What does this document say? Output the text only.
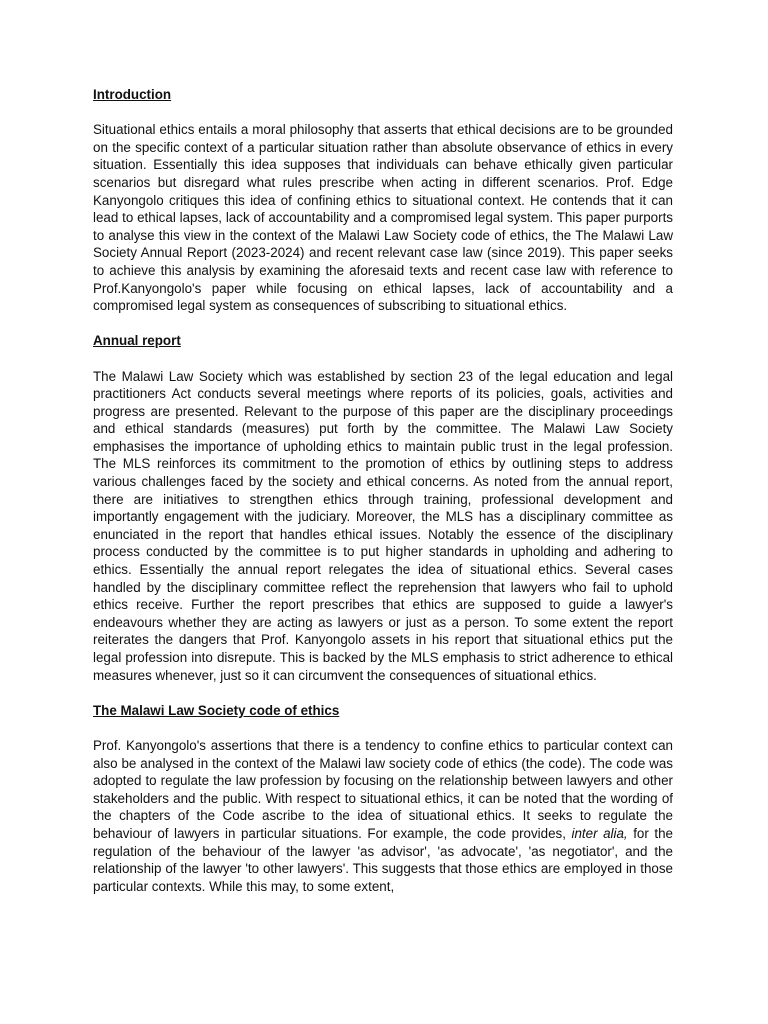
Introduction

Situational ethics entails a moral philosophy that asserts that ethical decisions are to be grounded on the specific context of a particular situation rather than absolute observance of ethics in every situation. Essentially this idea supposes that individuals can behave ethically given particular scenarios but disregard what rules prescribe when acting in different scenarios. Prof. Edge Kanyongolo critiques this idea of confining ethics to situational context. He contends that it can lead to ethical lapses, lack of accountability and a compromised legal system. This paper purports to analyse this view in the context of the Malawi Law Society code of ethics, the The Malawi Law Society Annual Report (2023-2024) and recent relevant case law (since 2019). This paper seeks to achieve this analysis by examining the aforesaid texts and recent case law with reference to Prof.Kanyongolo's paper while focusing on ethical lapses, lack of accountability and a compromised legal system as consequences of subscribing to situational ethics.

Annual report

The Malawi Law Society which was established by section 23 of the legal education and legal practitioners Act conducts several meetings where reports of its policies, goals, activities and progress are presented. Relevant to the purpose of this paper are the disciplinary proceedings and ethical standards (measures) put forth by the committee. The Malawi Law Society emphasises the importance of upholding ethics to maintain public trust in the legal profession. The MLS reinforces its commitment to the promotion of ethics by outlining steps to address various challenges faced by the society and ethical concerns. As noted from the annual report, there are initiatives to strengthen ethics through training, professional development and importantly engagement with the judiciary. Moreover, the MLS has a disciplinary committee as enunciated in the report that handles ethical issues. Notably the essence of the disciplinary process conducted by the committee is to put higher standards in upholding and adhering to ethics. Essentially the annual report relegates the idea of situational ethics. Several cases handled by the disciplinary committee reflect the reprehension that lawyers who fail to uphold ethics receive. Further the report prescribes that ethics are supposed to guide a lawyer's endeavours whether they are acting as lawyers or just as a person. To some extent the report reiterates the dangers that Prof. Kanyongolo assets in his report that situational ethics put the legal profession into disrepute. This is backed by the MLS emphasis to strict adherence to ethical measures whenever, just so it can circumvent the consequences of situational ethics.

The Malawi Law Society code of ethics

Prof. Kanyongolo's assertions that there is a tendency to confine ethics to particular context can also be analysed in the context of the Malawi law society code of ethics (the code). The code was adopted to regulate the law profession by focusing on the relationship between lawyers and other stakeholders and the public. With respect to situational ethics, it can be noted that the wording of the chapters of the Code ascribe to the idea of situational ethics. It seeks to regulate the behaviour of lawyers in particular situations. For example, the code provides, inter alia, for the regulation of the behaviour of the lawyer 'as advisor', 'as advocate', 'as negotiator', and the relationship of the lawyer 'to other lawyers'. This suggests that those ethics are employed in those particular contexts. While this may, to some extent,
